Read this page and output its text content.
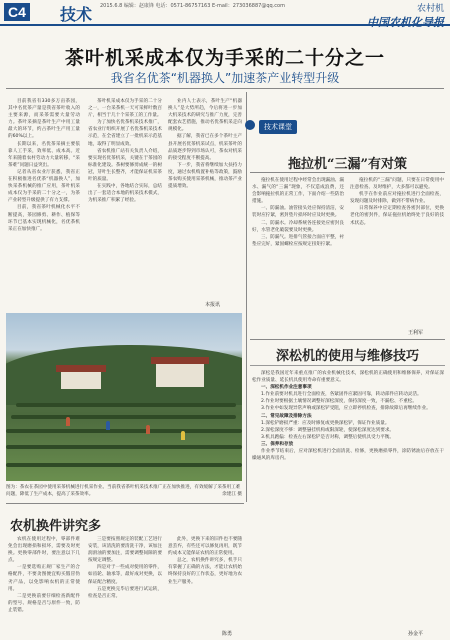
C4 技术 2015.6.8 编辑：赵康锋 电话：0571-86757163 E-mail：273036887@qq.com	农村机
中国农机化导报
茶叶机采成本仅为手采的二十分之一
我省名优茶“机器换人”加速茶产业转型升级

目前我省有330多万亩茶园，其中名优茶产量是我省茶叶收入的主要来源，而采茶需要大量劳动力。茶叶采摘是茶叶生产中用工量最大的环节，约占茶叶生产用工量的60%以上。

长期以来，名优茶采摘主要依靠人工手采，效率低、成本高。近年来随着农村劳动力大量转移，“采茶难”问题日益突出。

记者从省农业厅获悉，我省正在积极推进名优茶“机器换人”，加快采茶机械的推广应用，茶叶机采成本仅为手采的二十分之一，为茶产业转型升级提供了有力支撑。

目前，我省茶叶机械化水平不断提高，茶园修剪、耕作、植保等环节已基本实现机械化，名优茶机采正在加快推广。

茶叶机采成本仅为手采的二十分之一，一台采茶机一天可采鲜叶数百斤，相当于几十个采茶工的工作量。

为了加快名优茶机采技术推广，省农业厅组织开展了名优茶机采技术示范，在全省建立了一批机采示范基地，取得了明显成效。

省农机推广站有关负责人介绍，要实现名优茶机采，关键在于茶园的标准化建设。茶树要修剪成统一的树冠，芽叶生长整齐，才能保证机采茶叶的质量。

在实践中，各地结合实际，总结出了一套适合本地的机采技术模式，为机采推广积累了经验。

业内人士表示，茶叶生产“机器换人”是大势所趋，今后将进一步加大机采技术的研究与推广力度，完善配套农艺措施，推动名优茶机采走向规模化。

据了解，我省已在多个茶叶主产县开展名优茶机采试点，机采茶叶的品质逐步得到市场认可，茶农对机采的接受程度不断提高。

下一步，我省将继续加大扶持力度，通过农机购置补贴等政策，鼓励茶农购买使用采茶机械，推动茶产业提质增效。

本报讯
图为：茶农在茶园中使用采茶机械进行机采作业。当前我省茶叶机采技术推广正在加快推进，有效缓解了采茶用工难问题，降低了生产成本，提高了采茶效率。	余建江 摄
技术课堂
拖拉机“三漏”有对策

拖拉机在使用过程中经常会出现漏油、漏水、漏气的“三漏”现象，不仅造成浪费，还会影响拖拉机的正常工作，下面介绍一些防治措施。

一、防漏油。油管接头处应保持清洁，安装时应拧紧，密封垫片损坏时应及时更换。

二、防漏水。冷却系统各连接处应密封良好，水管老化破裂要及时更换。

三、防漏气。进排气管接合面应平整，衬垫应完好，紧固螺栓应按规定扭矩拧紧。

拖拉机的“三漏”问题，只要在日常使用中注意检查、及时维护，大多都可以避免。

机手在作业前应对拖拉机进行全面检查，发现问题及时排除，做到不带病作业。

日常保养中应定期检查各密封部位，更换老化的密封件，保证拖拉机始终处于良好的技术状态。

王利军
深松机的使用与维修技巧

深松是我国近年来重点推广的农业机械化技术，深松机的正确使用和维修保养，对保证深松作业质量、延长机具使用寿命有重要意义。

一、深松机作业注意事项

1.作业前要对机具进行全面检查，各紧固件应紧固可靠，转动部件应转动灵活。

2.作业时要根据土壤情况调整好深松深度，保持深度一致，不漏松、不重松。

3.作业中如发现异常声响或深松铲受阻，应立即停机检查，排除故障后再继续作业。

二、常见故障及排除方法

1.深松铲磨损严重：应及时修复或更换深松铲，保证作业质量。

2.深松深度不够：调整悬挂机构或限深轮，使深松深度达到要求。

3.机具跑偏：检查左右深松铲是否对称，调整后使机具受力平衡。

三、保养和存放

作业季节结束后，应对深松机进行全面清洗、检修，更换磨损零件，涂防锈油后存放在干燥通风的库房内。

孙金平
农机换件讲究多

农机在使用过程中，零部件难免会出现磨损和损坏，需要及时更换。更换零部件时，要注意以下几点。

一是要选购正规厂家生产的合格配件，不要贪图便宜购买假冒伪劣产品，以免影响农机的正常使用。

二是更换前要仔细检查新配件的型号、规格是否与原件一致，防止装错。

三是要按照规定的装配工艺进行安装，该清洗的要清洗干净，该加注润滑油的要加注，需要调整间隙的要按规定调整。

四是对于一些成对使用的零件，如齿轮、轴承等，最好成对更换，以保证配合精度。

五是更换完毕后要进行试运转，检查是否正常。

此外，更换下来的旧件也不要随意丢弃，有些还可以修复再用，既节约成本又能保证农机的正常使用。

总之，农机换件讲究多，机手只有掌握了正确的方法，才能让农机始终保持良好的工作状态，更好地为农业生产服务。

陈勇
